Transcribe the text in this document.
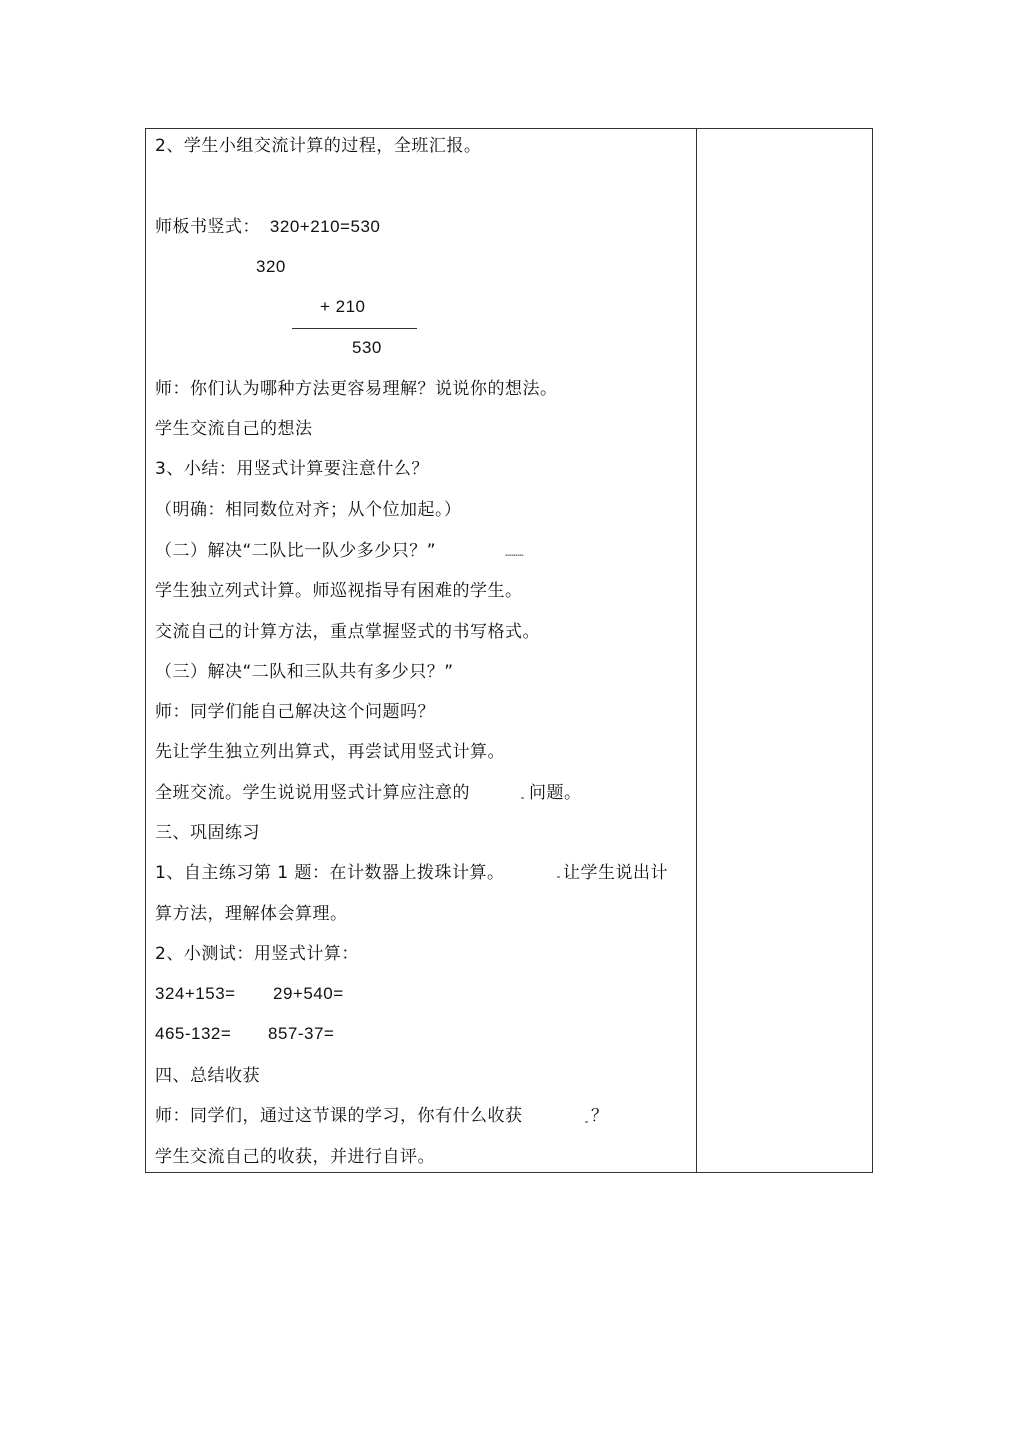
2、学生小组交流计算的过程，全班汇报。
师板书竖式： 320+210=530
320
+ 210
530
师：你们认为哪种方法更容易理解？说说你的想法。
学生交流自己的想法
3、小结：用竖式计算要注意什么？
（明确：相同数位对齐；从个位加起。）
（二）解决“二队比一队少多少只？”	▪▪▪▪▪▪▪▪▪
学生独立列式计算。师巡视指导有困难的学生。
交流自己的计算方法，重点掌握竖式的书写格式。
（三）解决“二队和三队共有多少只？”
师：同学们能自己解决这个问题吗？
先让学生独立列出算式，再尝试用竖式计算。
全班交流。学生说说用竖式计算应注意的	问题。
三、巩固练习
1、自主练习第 1 题：在计数器上拨珠计算。	让学生说出计
算方法，理解体会算理。
2、小测试：用竖式计算：
324+153= 29+540=
465-132= 857-37=
四、总结收获
师：同学们，通过这节课的学习，你有什么收获	？
学生交流自己的收获，并进行自评。
